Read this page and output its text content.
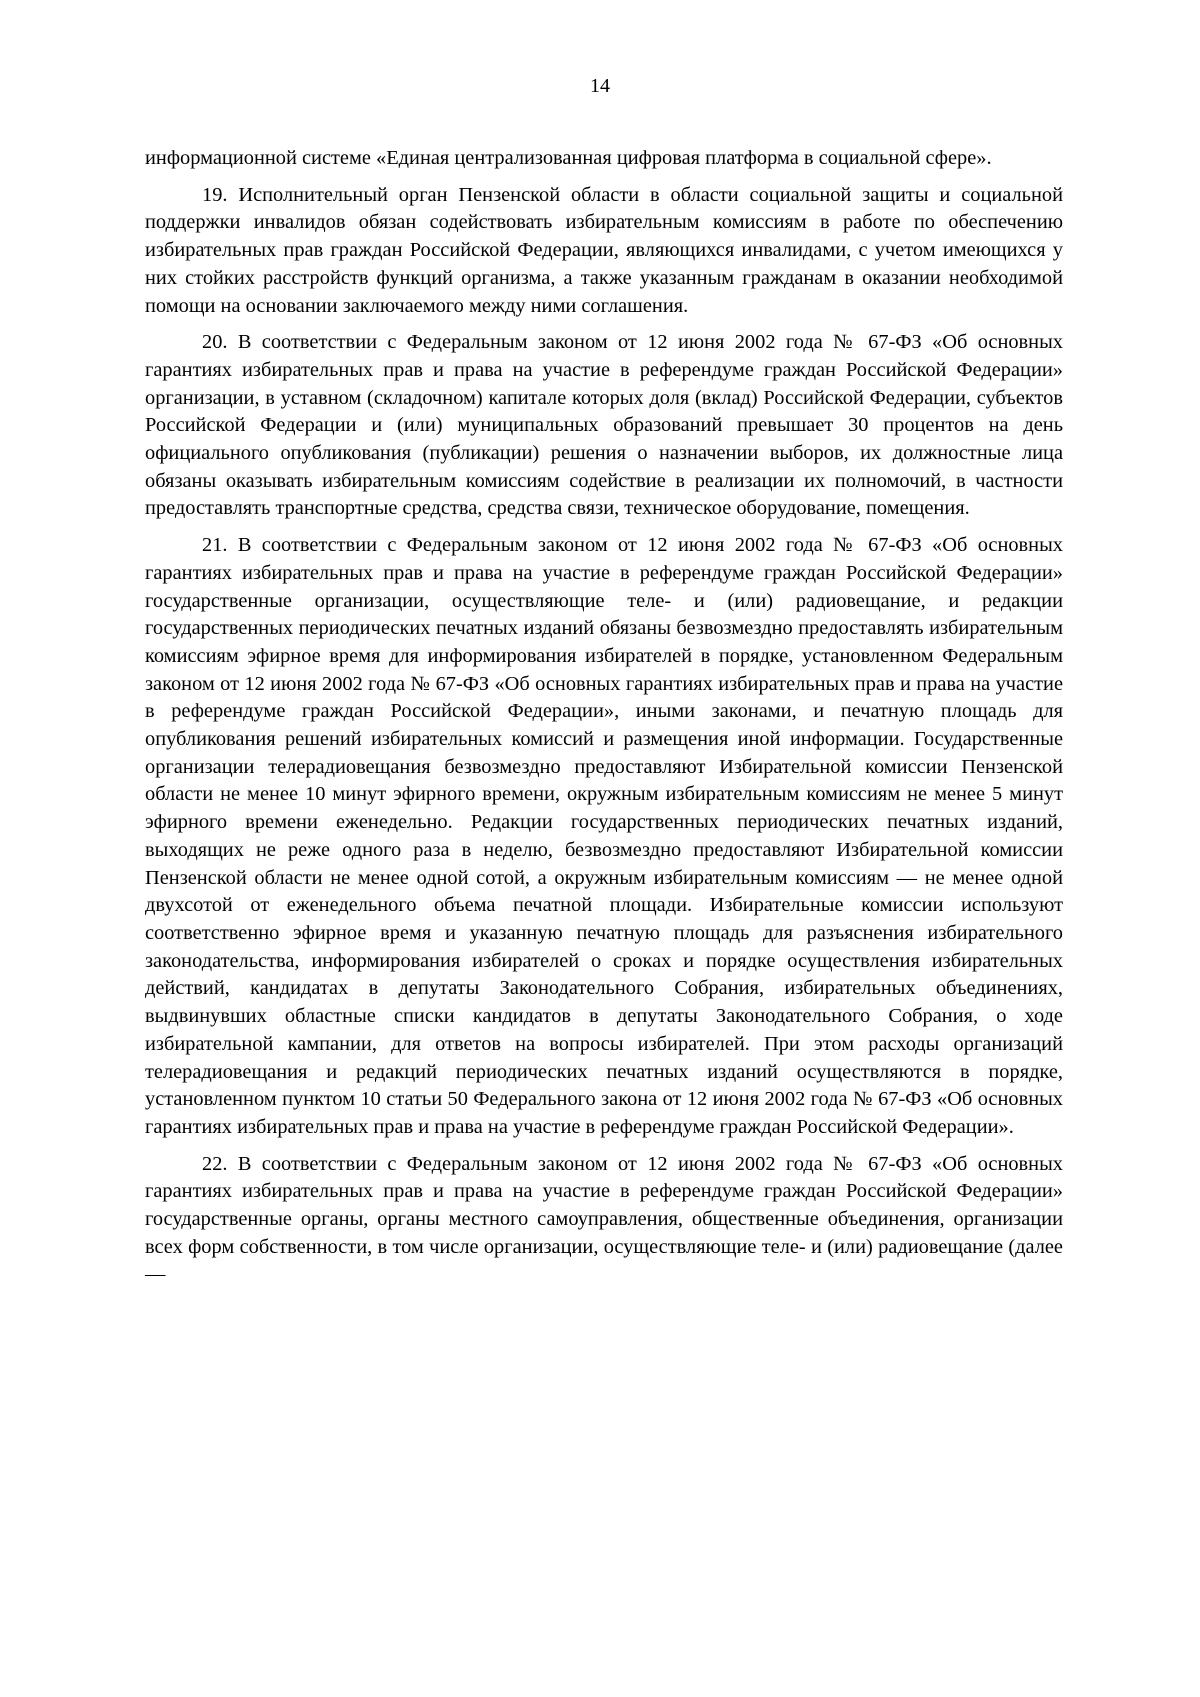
14

информационной системе «Единая централизованная цифровая платформа в социальной сфере».

19. Исполнительный орган Пензенской области в области социальной защиты и социальной поддержки инвалидов обязан содействовать избирательным комиссиям в работе по обеспечению избирательных прав граждан Российской Федерации, являющихся инвалидами, с учетом имеющихся у них стойких расстройств функций организма, а также указанным гражданам в оказании необходимой помощи на основании заключаемого между ними соглашения.

20. В соответствии с Федеральным законом от 12 июня 2002 года № 67-ФЗ «Об основных гарантиях избирательных прав и права на участие в референдуме граждан Российской Федерации» организации, в уставном (складочном) капитале которых доля (вклад) Российской Федерации, субъектов Российской Федерации и (или) муниципальных образований превышает 30 процентов на день официального опубликования (публикации) решения о назначении выборов, их должностные лица обязаны оказывать избирательным комиссиям содействие в реализации их полномочий, в частности предоставлять транспортные средства, средства связи, техническое оборудование, помещения.

21. В соответствии с Федеральным законом от 12 июня 2002 года № 67-ФЗ «Об основных гарантиях избирательных прав и права на участие в референдуме граждан Российской Федерации» государственные организации, осуществляющие теле- и (или) радиовещание, и редакции государственных периодических печатных изданий обязаны безвозмездно предоставлять избирательным комиссиям эфирное время для информирования избирателей в порядке, установленном Федеральным законом от 12 июня 2002 года № 67-ФЗ «Об основных гарантиях избирательных прав и права на участие в референдуме граждан Российской Федерации», иными законами, и печатную площадь для опубликования решений избирательных комиссий и размещения иной информации. Государственные организации телерадиовещания безвозмездно предоставляют Избирательной комиссии Пензенской области не менее 10 минут эфирного времени, окружным избирательным комиссиям не менее 5 минут эфирного времени еженедельно. Редакции государственных периодических печатных изданий, выходящих не реже одного раза в неделю, безвозмездно предоставляют Избирательной комиссии Пензенской области не менее одной сотой, а окружным избирательным комиссиям — не менее одной двухсотой от еженедельного объема печатной площади. Избирательные комиссии используют соответственно эфирное время и указанную печатную площадь для разъяснения избирательного законодательства, информирования избирателей о сроках и порядке осуществления избирательных действий, кандидатах в депутаты Законодательного Собрания, избирательных объединениях, выдвинувших областные списки кандидатов в депутаты Законодательного Собрания, о ходе избирательной кампании, для ответов на вопросы избирателей. При этом расходы организаций телерадиовещания и редакций периодических печатных изданий осуществляются в порядке, установленном пунктом 10 статьи 50 Федерального закона от 12 июня 2002 года № 67-ФЗ «Об основных гарантиях избирательных прав и права на участие в референдуме граждан Российской Федерации».

22. В соответствии с Федеральным законом от 12 июня 2002 года № 67-ФЗ «Об основных гарантиях избирательных прав и права на участие в референдуме граждан Российской Федерации» государственные органы, органы местного самоуправления, общественные объединения, организации всех форм собственности, в том числе организации, осуществляющие теле- и (или) радиовещание (далее —
